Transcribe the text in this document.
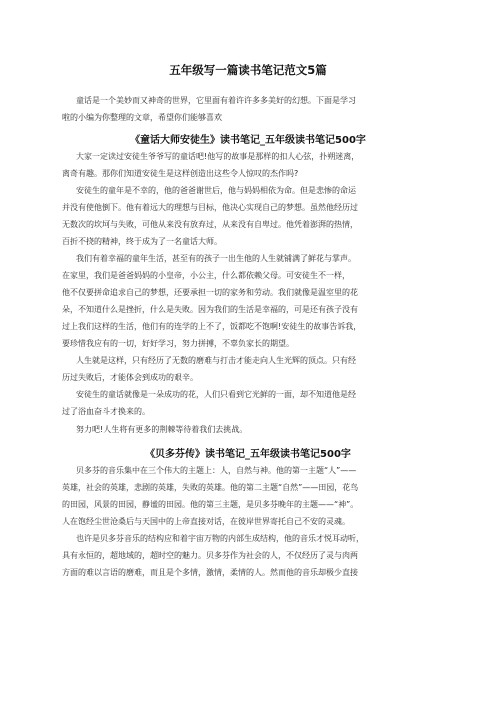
五年级写一篇读书笔记范文5篇
童话是一个美妙而又神奇的世界，它里面有着许许多多美好的幻想。下面是学习
啦的小编为你整理的文章，希望你们能够喜欢
《童话大师安徒生》读书笔记_五年级读书笔记500字
大家一定读过安徒生爷爷写的童话吧!他写的故事是那样的扣人心弦，扑朔迷离，
离奇有趣。那你们知道安徒生是这样创造出这些令人惊叹的杰作吗?
安徒生的童年是不幸的，他的爸爸谢世后，他与妈妈相依为命。但是悲惨的命运
并没有使他倒下。他有着远大的理想与目标，他决心实现自己的梦想。虽然他经历过
无数次的坎坷与失败，可他从来没有放弃过，从来没有自卑过。他凭着澎湃的热情，
百折不挠的精神，终于成为了一名童话大师。
我们有着幸福的童年生活，甚至有的孩子一出生他的人生就铺满了鲜花与掌声。
在家里，我们是爸爸妈妈的小皇帝，小公主，什么都依赖父母。可安徒生不一样，
他不仅要拼命追求自己的梦想，还要承担一切的家务和劳动。我们就像是温室里的花
朵，不知道什么是挫折，什么是失败。因为我们的生活是幸福的，可是还有孩子没有
过上我们这样的生活，他们有的连学的上不了，饭都吃不饱啊!安徒生的故事告诉我，
要珍惜我应有的一切，好好学习，努力拼搏，不辜负家长的期望。
人生就是这样，只有经历了无数的磨难与打击才能走向人生光辉的顶点。只有经
历过失败后，才能体会到成功的艰辛。
安徒生的童话就像是一朵成功的花，人们只看到它光鲜的一面，却不知道他是经
过了浴血奋斗才换来的。
努力吧!人生将有更多的荆棘等待着我们去挑战。
《贝多芬传》读书笔记_五年级读书笔记500字
贝多芬的音乐集中在三个伟大的主题上：人，自然与神。他的第一主题“人”——
英雄，社会的英雄，悲剧的英雄，失败的英雄。他的第二主题“自然”——田园，花鸟
的田园，风景的田园，静谧的田园。他的第三主题，是贝多芬晚年的主题——“神”。
人在饱经尘世沧桑后与天国中的上帝直接对话，在彼岸世界寄托自己不安的灵魂。
也许是贝多芬音乐的结构应和着宇宙万物的内部生成结构，他的音乐才悦耳动听，
具有永恒的，超地域的，超时空的魅力。贝多芬作为社会的人，不仅经历了灵与肉两
方面的难以言语的磨难，而且是个多情，激情，柔情的人。然而他的音乐却极少直接
